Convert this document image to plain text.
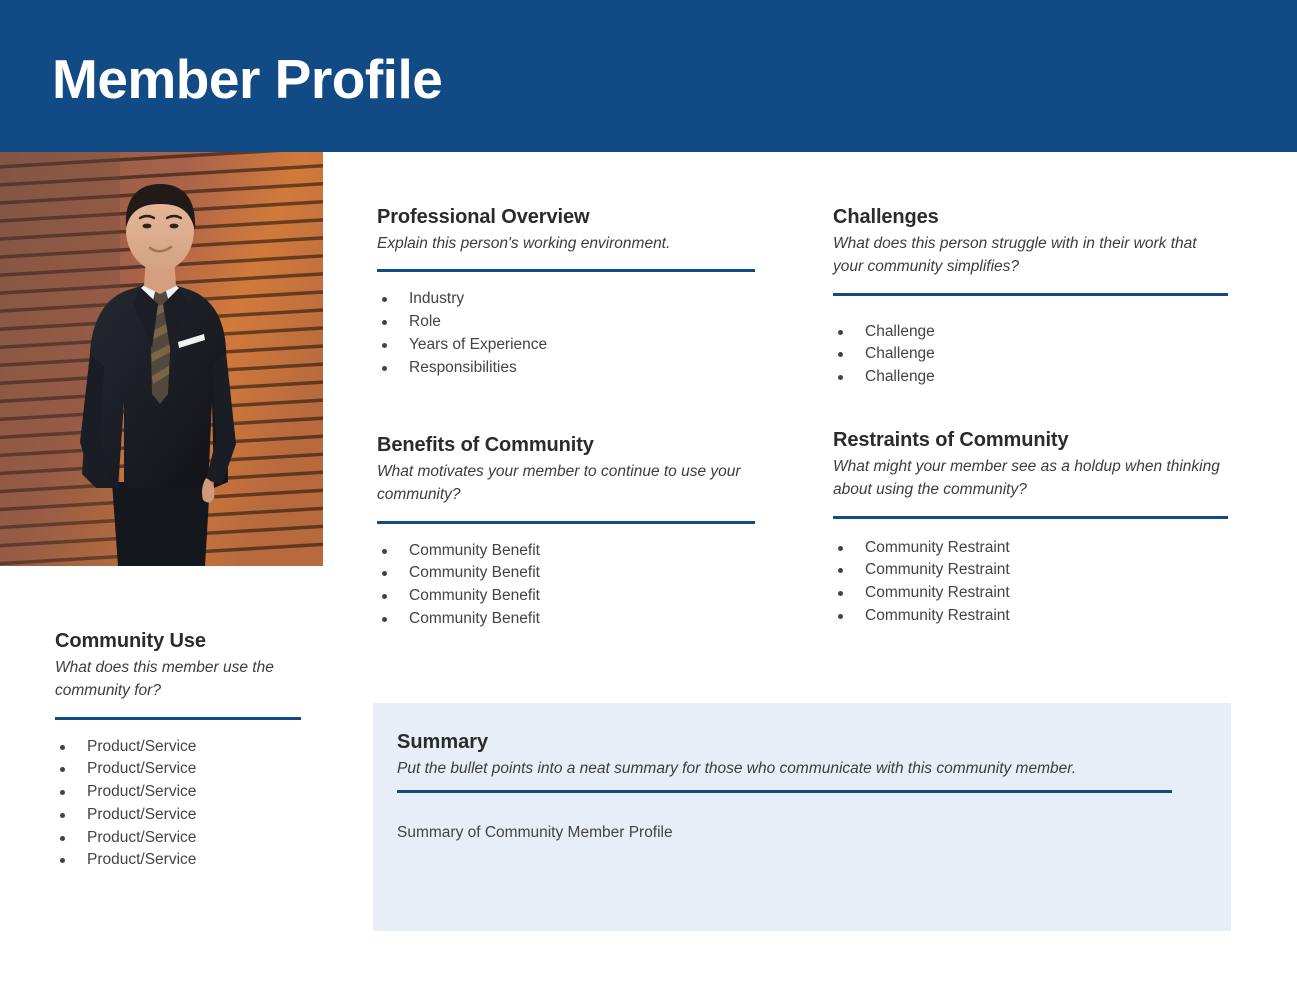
Member Profile
Professional Overview
Explain this person's working environment.
Industry
Role
Years of Experience
Responsibilities
Challenges
What does this person struggle with in their work that your community simplifies?
Challenge
Challenge
Challenge
Benefits of Community
What motivates your member to continue to use your community?
Community Benefit
Community Benefit
Community Benefit
Community Benefit
Restraints of Community
What might your member see as a holdup when thinking about using the community?
Community Restraint
Community Restraint
Community Restraint
Community Restraint
Community Use
What does this member use the community for?
Product/Service
Product/Service
Product/Service
Product/Service
Product/Service
Product/Service
Summary
Put the bullet points into a neat summary for those who communicate with this community member.
Summary of Community Member Profile
